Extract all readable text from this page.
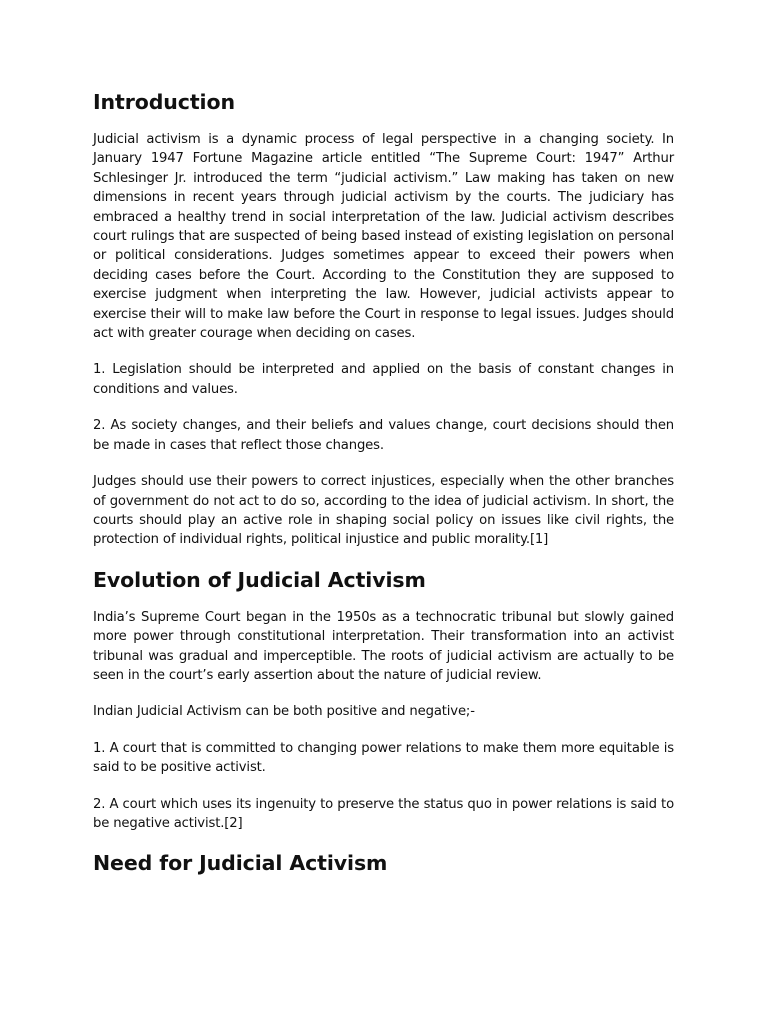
Introduction

Judicial activism is a dynamic process of legal perspective in a changing society. In January 1947 Fortune Magazine article entitled “The Supreme Court: 1947” Arthur Schlesinger Jr. introduced the term “judicial activism.” Law making has taken on new dimensions in recent years through judicial activism by the courts. The judiciary has embraced a healthy trend in social interpretation of the law. Judicial activism describes court rulings that are suspected of being based instead of existing legislation on personal or political considerations. Judges sometimes appear to exceed their powers when deciding cases before the Court. According to the Constitution they are supposed to exercise judgment when interpreting the law. However, judicial activists appear to exercise their will to make law before the Court in response to legal issues. Judges should act with greater courage when deciding on cases.

1. Legislation should be interpreted and applied on the basis of constant changes in conditions and values.

2. As society changes, and their beliefs and values change, court decisions should then be made in cases that reflect those changes.

Judges should use their powers to correct injustices, especially when the other branches of government do not act to do so, according to the idea of judicial activism. In short, the courts should play an active role in shaping social policy on issues like civil rights, the protection of individual rights, political injustice and public morality.[1]

Evolution of Judicial Activism

India’s Supreme Court began in the 1950s as a technocratic tribunal but slowly gained more power through constitutional interpretation. Their transformation into an activist tribunal was gradual and imperceptible. The roots of judicial activism are actually to be seen in the court’s early assertion about the nature of judicial review.

Indian Judicial Activism can be both positive and negative;-

1. A court that is committed to changing power relations to make them more equitable is said to be positive activist.

2. A court which uses its ingenuity to preserve the status quo in power relations is said to be negative activist.[2]

Need for Judicial Activism
